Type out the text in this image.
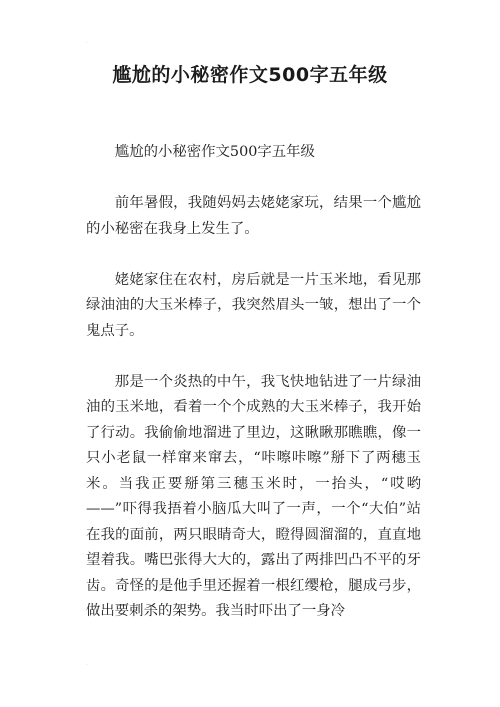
·
尴尬的小秘密作文500字五年级

尴尬的小秘密作文500字五年级

前年暑假，我随妈妈去姥姥家玩，结果一个尴尬的小秘密在我身上发生了。

姥姥家住在农村，房后就是一片玉米地，看见那绿油油的大玉米棒子，我突然眉头一皱，想出了一个鬼点子。

那是一个炎热的中午，我飞快地钻进了一片绿油油的玉米地，看着一个个成熟的大玉米棒子，我开始了行动。我偷偷地溜进了里边，这瞅瞅那瞧瞧，像一只小老鼠一样窜来窜去，“咔嚓咔嚓”掰下了两穗玉米。当我正要掰第三穗玉米时，一抬头，“哎哟——”吓得我捂着小脑瓜大叫了一声，一个“大伯”站在我的面前，两只眼睛奇大，瞪得圆溜溜的，直直地望着我。嘴巴张得大大的，露出了两排凹凸不平的牙齿。奇怪的是他手里还握着一根红缨枪，腿成弓步，做出要刺杀的架势。我当时吓出了一身冷

·
